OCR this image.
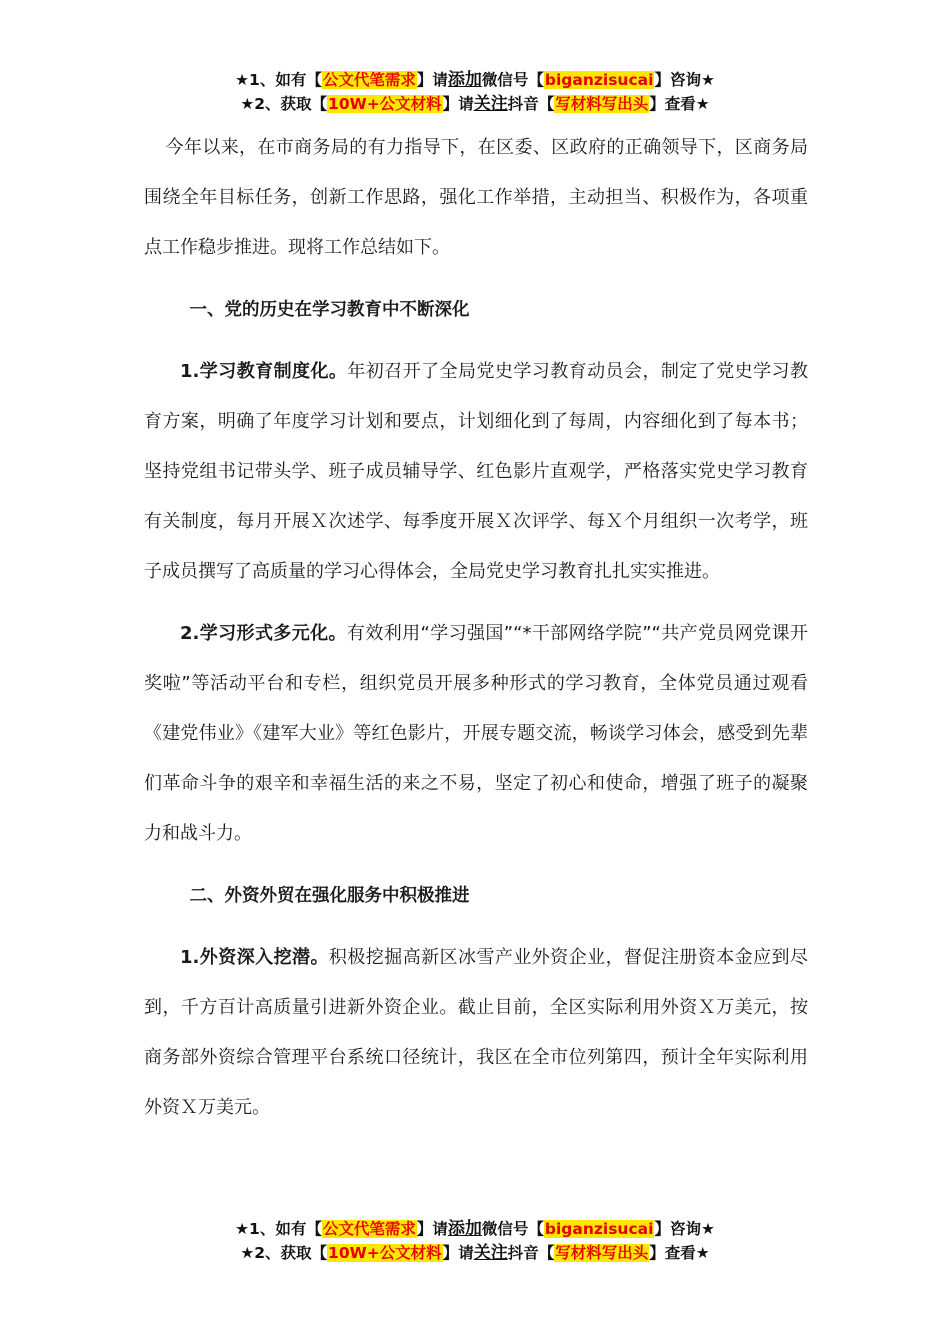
★1、如有【公文代笔需求】请添加微信号【biganzisucai】咨询★
★2、获取【10W+公文材料】请关注抖音【写材料写出头】查看★

今年以来，在市商务局的有力指导下，在区委、区政府的正确领导下，区商务局围绕全年目标任务，创新工作思路，强化工作举措，主动担当、积极作为，各项重点工作稳步推进。现将工作总结如下。

一、党的历史在学习教育中不断深化

1.学习教育制度化。年初召开了全局党史学习教育动员会，制定了党史学习教育方案，明确了年度学习计划和要点，计划细化到了每周，内容细化到了每本书；坚持党组书记带头学、班子成员辅导学、红色影片直观学，严格落实党史学习教育有关制度，每月开展Ｘ次述学、每季度开展Ｘ次评学、每Ｘ个月组织一次考学，班子成员撰写了高质量的学习心得体会，全局党史学习教育扎扎实实推进。

2.学习形式多元化。有效利用“学习强国”“*干部网络学院”“共产党员网党课开奖啦”等活动平台和专栏，组织党员开展多种形式的学习教育，全体党员通过观看《建党伟业》《建军大业》等红色影片，开展专题交流，畅谈学习体会，感受到先辈们革命斗争的艰辛和幸福生活的来之不易，坚定了初心和使命，增强了班子的凝聚力和战斗力。

二、外资外贸在强化服务中积极推进

1.外资深入挖潜。积极挖掘高新区冰雪产业外资企业，督促注册资本金应到尽到，千方百计高质量引进新外资企业。截止目前，全区实际利用外资Ｘ万美元，按商务部外资综合管理平台系统口径统计，我区在全市位列第四，预计全年实际利用外资Ｘ万美元。

★1、如有【公文代笔需求】请添加微信号【biganzisucai】咨询★
★2、获取【10W+公文材料】请关注抖音【写材料写出头】查看★
